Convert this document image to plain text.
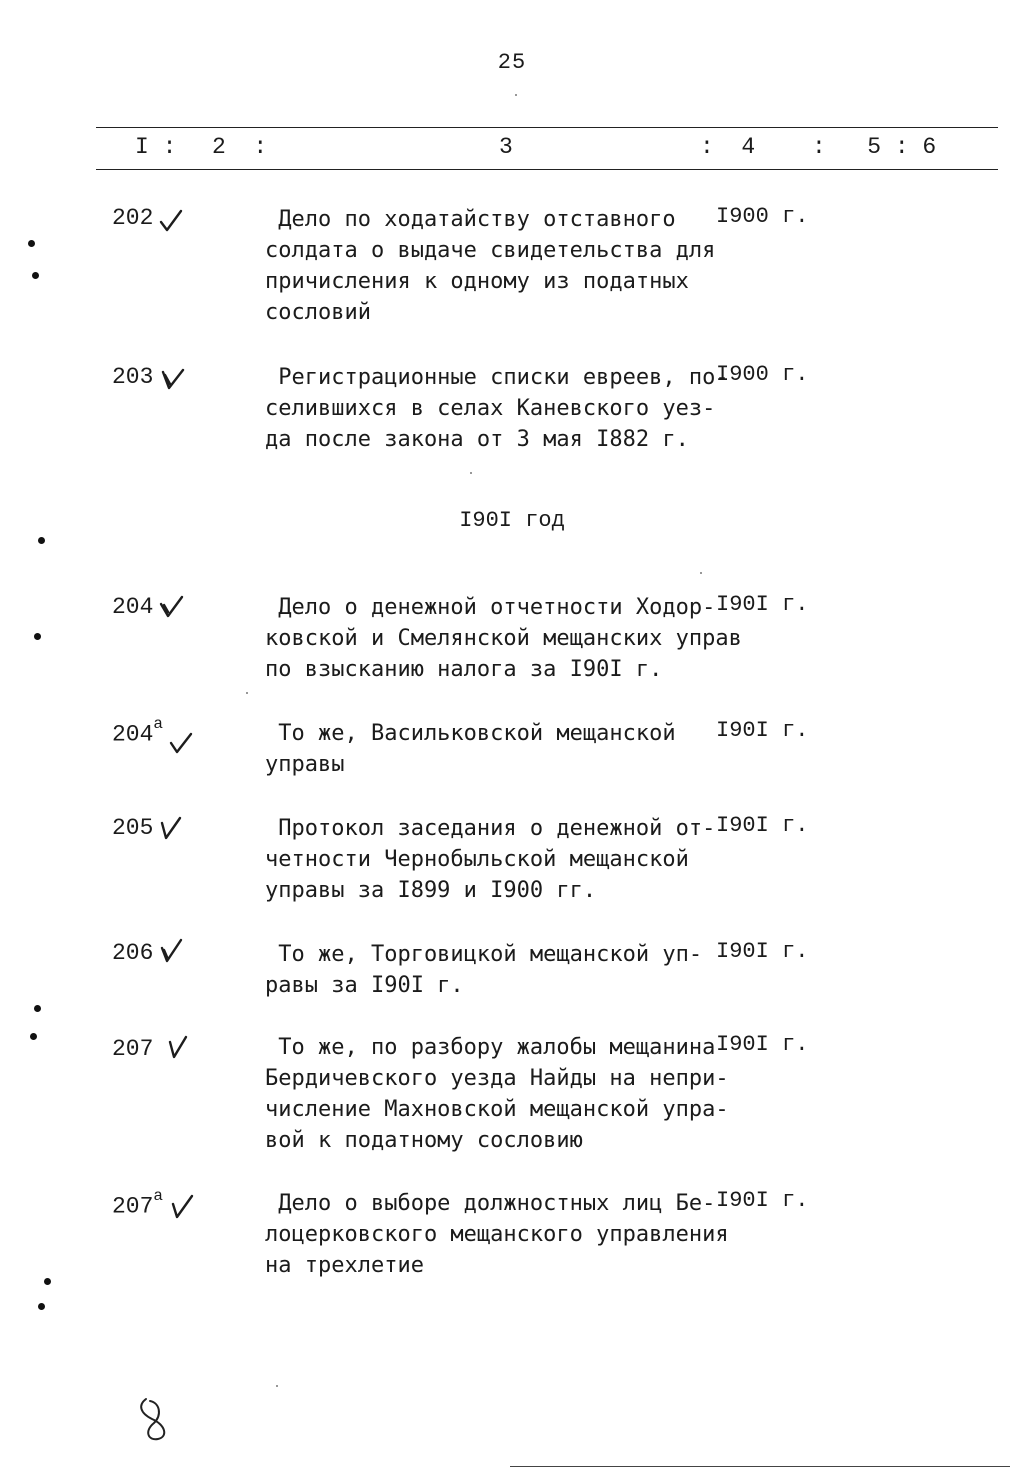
25
I : 2  :	3	:  4 :   5 : 6
202	Дело по ходатайству отставного
солдата о выдаче свидетельства для
причисления к одному из податных
сословий
I900 г.
203	Регистрационные списки евреев, по-
селившихся в селах Каневского уез-
да после закона от 3 мая I882 г.
I900 г.
I90I год
204	Дело о денежной отчетности Ходор-
ковской и Смелянской мещанских управ
по взысканию налога за I90I г.
I90I г.
$204^а$	То же, Васильковской мещанской
управы
I90I г.
205	Протокол заседания о денежной от-
четности Чернобыльской мещанской
управы за I899 и I900 гг.
I90I г.
206	То же, Торговицкой мещанской уп-
равы за I90I г.
I90I г.
207	То же, по разбору жалобы мещанина
Бердичевского уезда Найды на непри-
числение Махновской мещанской упра-
вой к податному сословию
I90I г.
$207^а$	Дело о выборе должностных лиц Бе-
лоцерковского мещанского управления
на трехлетие
I90I г.
